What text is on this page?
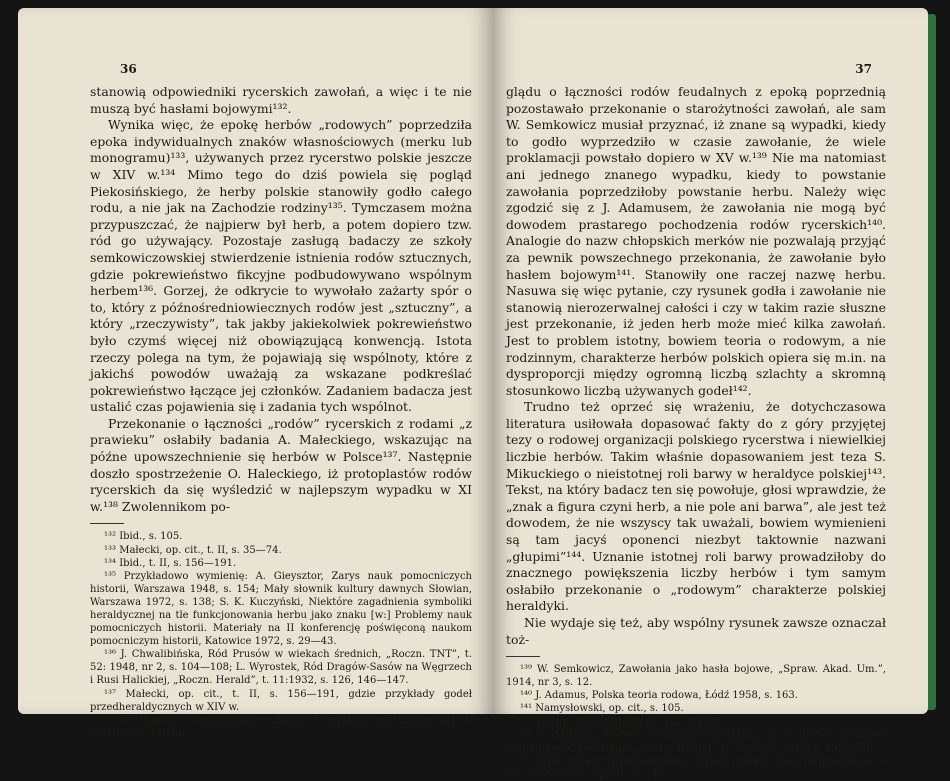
36

stanowią odpowiedniki rycerskich zawołań, a więc i te nie muszą być hasłami bojowymi¹³².

Wynika więc, że epokę herbów „rodowych” poprzedziła epoka indywidualnych znaków własnościowych (merku lub monogramu)¹³³, używanych przez rycerstwo polskie jeszcze w XIV w.¹³⁴ Mimo tego do dziś powiela się pogląd Piekosińskiego, że herby polskie stanowiły godło całego rodu, a nie jak na Zachodzie rodziny¹³⁵. Tymczasem można przypuszczać, że najpierw był herb, a potem dopiero tzw. ród go używający. Pozostaje zasługą badaczy ze szkoły semkowiczowskiej stwierdzenie istnienia rodów sztucznych, gdzie pokrewieństwo fikcyjne podbudowywano wspólnym herbem¹³⁶. Gorzej, że odkrycie to wywołało zażarty spór o to, który z późnośredniowiecznych rodów jest „sztuczny”, a który „rzeczywisty”, tak jakby jakiekolwiek pokrewieństwo było czymś więcej niż obowiązującą konwencją. Istota rzeczy polega na tym, że pojawiają się wspólnoty, które z jakichś powodów uważają za wskazane podkreślać pokrewieństwo łączące jej członków. Zadaniem badacza jest ustalić czas pojawienia się i zadania tych wspólnot.

Przekonanie o łączności „rodów” rycerskich z rodami „z prawieku” osłabiły badania A. Małeckiego, wskazując na późne upowszechnienie się herbów w Polsce¹³⁷. Następnie doszło spostrzeżenie O. Haleckiego, iż protoplastów rodów rycerskich da się wyśledzić w najlepszym wypadku w XI w.¹³⁸ Zwolennikom po-

¹³² Ibid., s. 105.

¹³³ Małecki, op. cit., t. II, s. 35—74.

¹³⁴ Ibid., t. II, s. 156—191.

¹³⁵ Przykładowo wymienię: A. Gieysztor, Zarys nauk pomocniczych historii, Warszawa 1948, s. 154; Mały słownik kultury dawnych Słowian, Warszawa 1972, s. 138; S. K. Kuczyński, Niektóre zagadnienia symboliki heraldycznej na tle funkcjonowania herbu jako znaku [w:] Problemy nauk pomocniczych historii. Materiały na II konferencję poświęconą naukom pomocniczym historii, Katowice 1972, s. 29—43.

¹³⁶ J. Chwalibińska, Ród Prusów w wiekach średnich, „Roczn. TNT”, t. 52: 1948, nr 2, s. 104—108; L. Wyrostek, Ród Dragów-Sasów na Węgrzech i Rusi Halickiej, „Roczn. Herald”, t. 11:1932, s. 126, 146—147.

¹³⁷ Małecki, op. cit., t. II, s. 156—191, gdzie przykłady godeł przedheraldycznych w XIV w.

¹³⁸ O. Halecki, O początkach szlachty i heraldyki na Litwie, KH, t. 29:1915, s. 190 nn.

37

glądu o łączności rodów feudalnych z epoką poprzednią pozostawało przekonanie o starożytności zawołań, ale sam W. Semkowicz musiał przyznać, iż znane są wypadki, kiedy to godło wyprzedziło w czasie zawołanie, że wiele proklamacji powstało dopiero w XV w.¹³⁹ Nie ma natomiast ani jednego znanego wypadku, kiedy to powstanie zawołania poprzedziłoby powstanie herbu. Należy więc zgodzić się z J. Adamusem, że zawołania nie mogą być dowodem prastarego pochodzenia rodów rycerskich¹⁴⁰. Analogie do nazw chłopskich merków nie pozwalają przyjąć za pewnik powszechnego przekonania, że zawołanie było hasłem bojowym¹⁴¹. Stanowiły one raczej nazwę herbu. Nasuwa się więc pytanie, czy rysunek godła i zawołanie nie stanowią nierozerwalnej całości i czy w takim razie słuszne jest przekonanie, iż jeden herb może mieć kilka zawołań. Jest to problem istotny, bowiem teoria o rodowym, a nie rodzinnym, charakterze herbów polskich opiera się m.in. na dysproporcji między ogromną liczbą szlachty a skromną stosunkowo liczbą używanych godeł¹⁴².

Trudno też oprzeć się wrażeniu, że dotychczasowa literatura usiłowała dopasować fakty do z góry przyjętej tezy o rodowej organizacji polskiego rycerstwa i niewielkiej liczbie herbów. Takim właśnie dopasowaniem jest teza S. Mikuckiego o nieistotnej roli barwy w heraldyce polskiej¹⁴³. Tekst, na który badacz ten się powołuje, głosi wprawdzie, że „znak a figura czyni herb, a nie pole ani barwa”, ale jest też dowodem, że nie wszyscy tak uważali, bowiem wymienieni są tam jacyś oponenci niezbyt taktownie nazwani „głupimi”¹⁴⁴. Uznanie istotnej roli barwy prowadziłoby do znacznego powiększenia liczby herbów i tym samym osłabiło przekonanie o „rodowym” charakterze polskiej heraldyki.

Nie wydaje się też, aby wspólny rysunek zawsze oznaczał toż-

¹³⁹ W. Semkowicz, Zawołania jako hasła bojowe, „Spraw. Akad. Um.”, 1914, nr 3, s. 12.

¹⁴⁰ J. Adamus, Polska teoria rodowa, Łódź 1958, s. 163.

¹⁴¹ Namysłowski, op. cit., s. 105.

¹⁴² Tak np. u Gieysztora, op. cit., s. 154.

¹⁴³ S. Mikucki, Barwa w heraldyce polskiej, cz. I: Herby rycerstwa zachodniego i polskiego, „Roczn. Herald.”, t. 9:1928—1929, s. 191—250.

¹⁴⁴ Idzie o utwór Orzechowskiego, Żywot i śmierć Jana Tarnowskiego — cyt. za: Mikucki, op. cit., s. 246.
